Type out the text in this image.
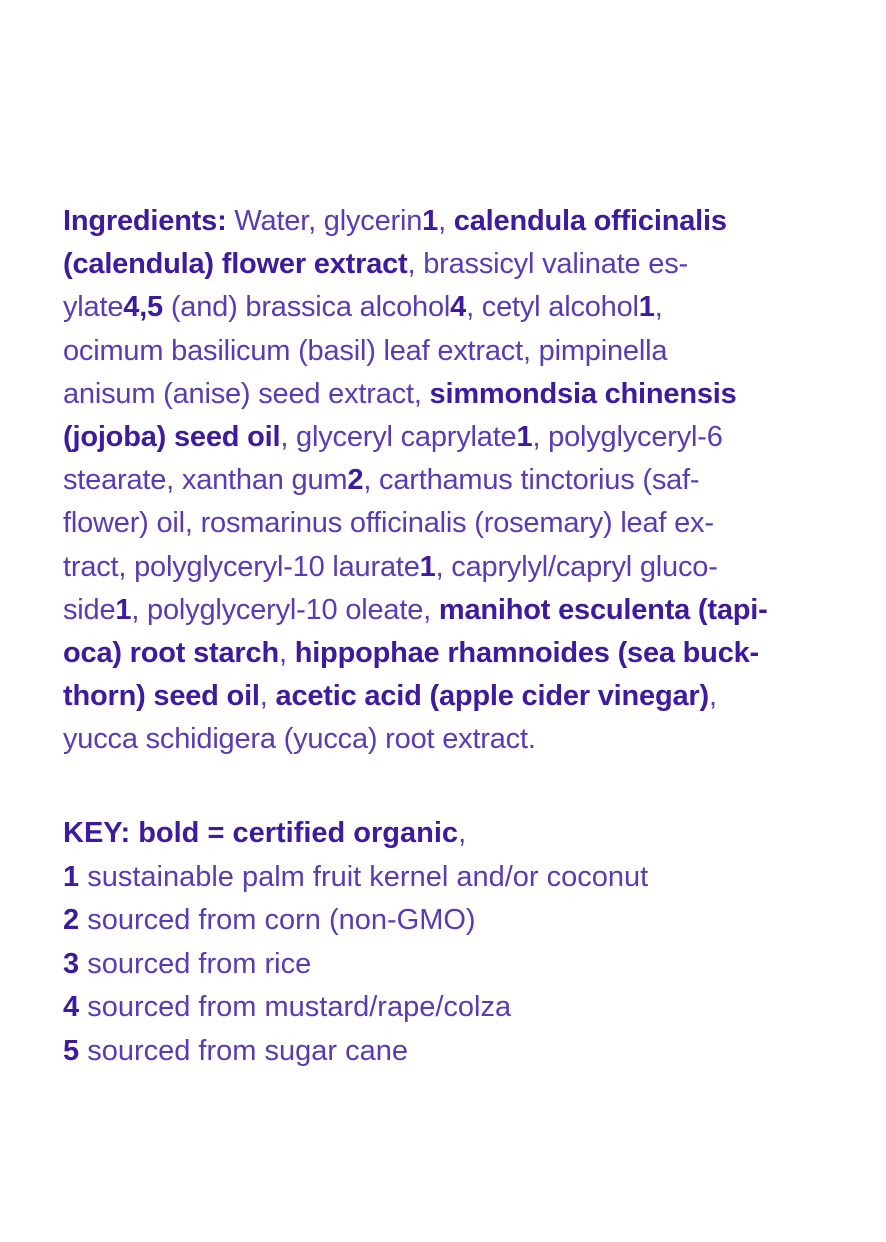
Ingredients: Water, glycerin1, calendula officinalis
(calendula) flower extract, brassicyl valinate es-
ylate4,5 (and) brassica alcohol4, cetyl alcohol1,
ocimum basilicum (basil) leaf extract, pimpinella
anisum (anise) seed extract, simmondsia chinensis
(jojoba) seed oil, glyceryl caprylate1, polyglyceryl-6
stearate, xanthan gum2, carthamus tinctorius (saf-
flower) oil, rosmarinus officinalis (rosemary) leaf ex-
tract, polyglyceryl-10 laurate1, caprylyl/capryl gluco-
side1, polyglyceryl-10 oleate, manihot esculenta (tapi-
oca) root starch, hippophae rhamnoides (sea buck-
thorn) seed oil, acetic acid (apple cider vinegar),
yucca schidigera (yucca) root extract.
KEY: bold = certified organic,
1 sustainable palm fruit kernel and/or coconut
2 sourced from corn (non-GMO)
3 sourced from rice
4 sourced from mustard/rape/colza
5 sourced from sugar cane
